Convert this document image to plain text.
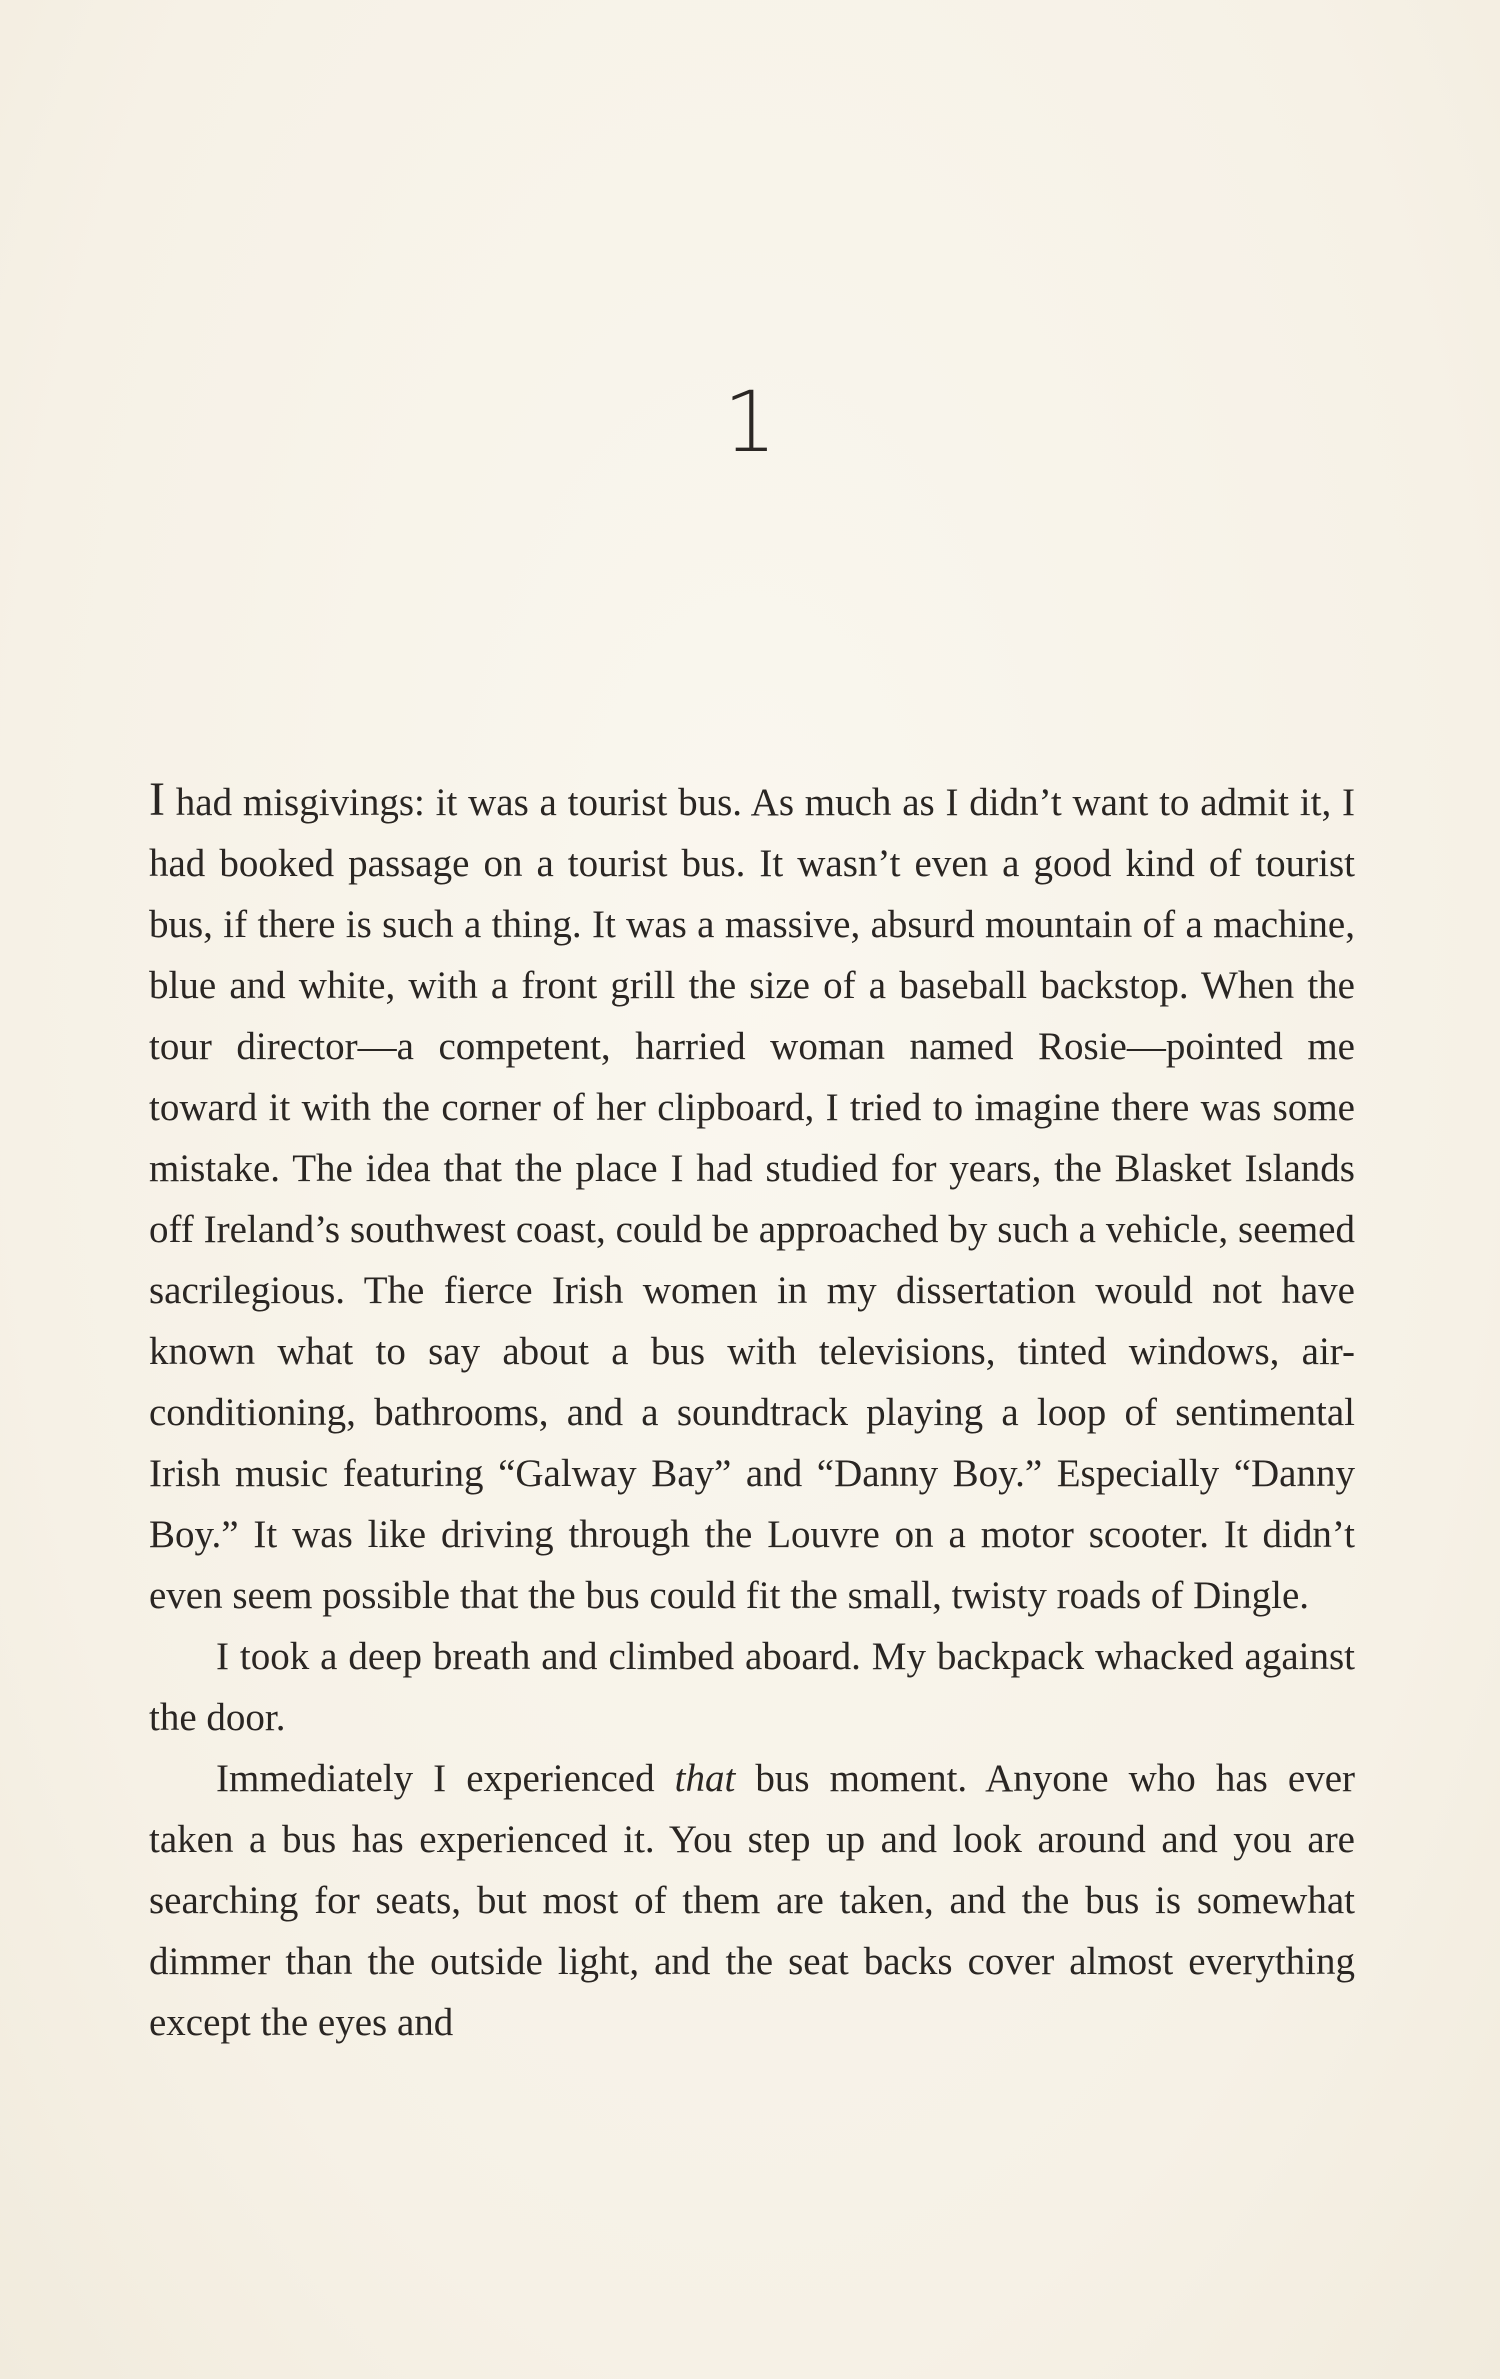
1

I had misgivings: it was a tourist bus. As much as I didn’t want to admit it, I had booked passage on a tourist bus. It wasn’t even a good kind of tourist bus, if there is such a thing. It was a massive, absurd mountain of a machine, blue and white, with a front grill the size of a baseball backstop. When the tour director—a competent, harried woman named Rosie—pointed me toward it with the corner of her clipboard, I tried to imagine there was some mistake. The idea that the place I had studied for years, the Blasket Islands off Ireland’s southwest coast, could be approached by such a vehicle, seemed sacrilegious. The fierce Irish women in my dissertation would not have known what to say about a bus with televisions, tinted windows, air-conditioning, bathrooms, and a soundtrack playing a loop of sentimental Irish music featuring “Galway Bay” and “Danny Boy.” Especially “Danny Boy.” It was like driving through the Louvre on a motor scooter. It didn’t even seem possible that the bus could fit the small, twisty roads of Dingle.

I took a deep breath and climbed aboard. My backpack whacked against the door.

Immediately I experienced that bus moment. Anyone who has ever taken a bus has experienced it. You step up and look around and you are searching for seats, but most of them are taken, and the bus is somewhat dimmer than the outside light, and the seat backs cover almost everything except the eyes and
